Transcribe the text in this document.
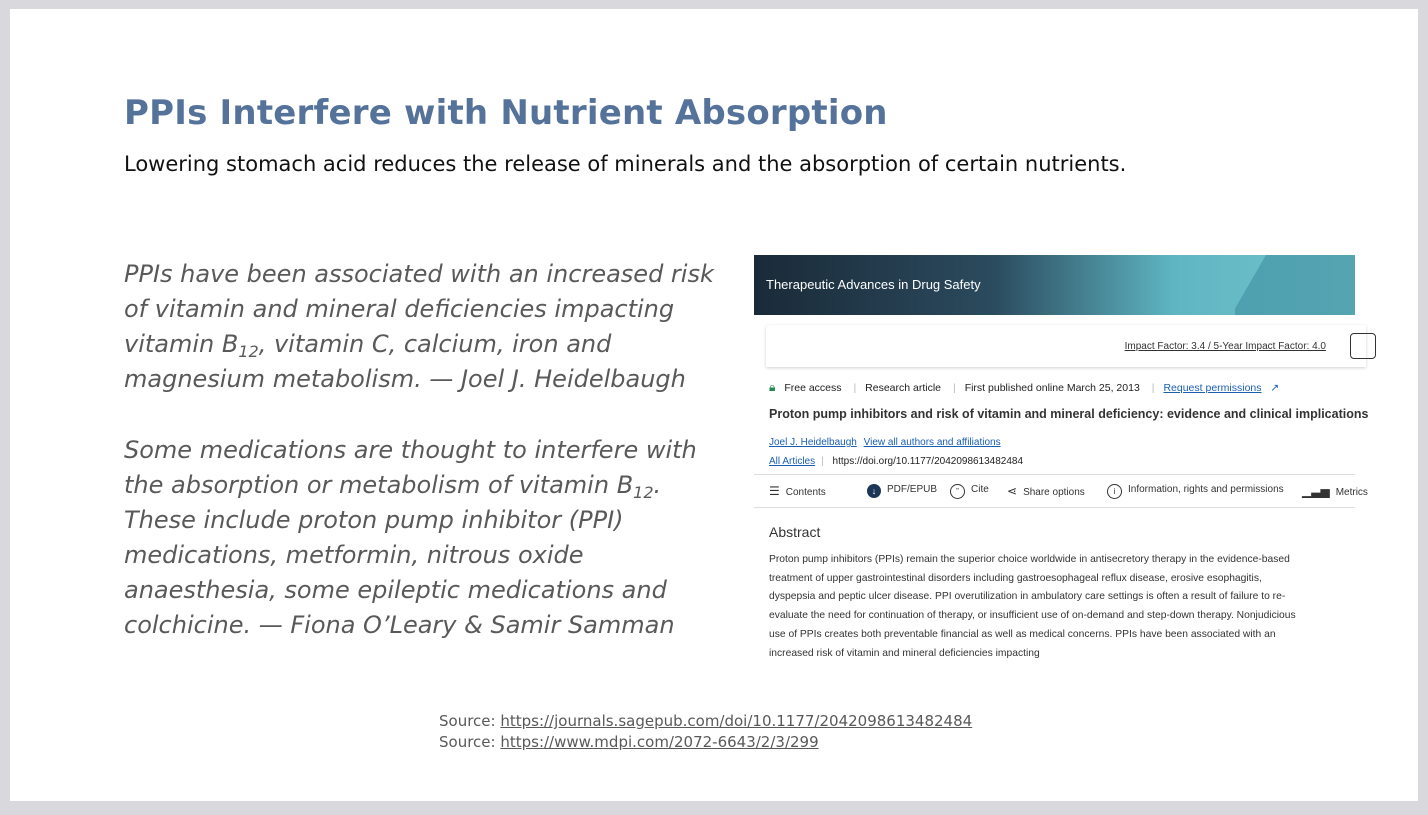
PPIs Interfere with Nutrient Absorption

Lowering stomach acid reduces the release of minerals and the absorption of certain nutrients.

PPIs have been associated with an increased risk of vitamin and mineral deficiencies impacting vitamin $B_{12}$, vitamin C, calcium, iron and magnesium metabolism. — Joel J. Heidelbaugh

Some medications are thought to interfere with the absorption or metabolism of vitamin $B_{12}$. These include proton pump inhibitor (PPI) medications, metformin, nitrous oxide anaesthesia, some epileptic medications and colchicine. — Fiona O’Leary & Samir Samman

Therapeutic Advances in Drug Safety
Impact Factor: 3.4 / 5-Year Impact Factor: 4.0
🔒︎ Free access | Research article | First published online March 25, 2013 | Request permissions ↗
Proton pump inhibitors and risk of vitamin and mineral deficiency: evidence and clinical implications
Joel J. Heidelbaugh View all authors and affiliations
All Articles | https://doi.org/10.1177/2042098613482484
☰ Contents	↓ PDF/EPUB	” Cite ⋖ Share options	i Information, rights and permissions ▁▃▅ Metrics
Abstract
Proton pump inhibitors (PPIs) remain the superior choice worldwide in antisecretory therapy in the evidence-based treatment of upper gastrointestinal disorders including gastroesophageal reflux disease, erosive esophagitis, dyspepsia and peptic ulcer disease. PPI overutilization in ambulatory care settings is often a result of failure to re-evaluate the need for continuation of therapy, or insufficient use of on-demand and step-down therapy. Nonjudicious use of PPIs creates both preventable financial as well as medical concerns. PPIs have been associated with an increased risk of vitamin and mineral deficiencies impacting
Source: https://journals.sagepub.com/doi/10.1177/2042098613482484
Source: https://www.mdpi.com/2072-6643/2/3/299
